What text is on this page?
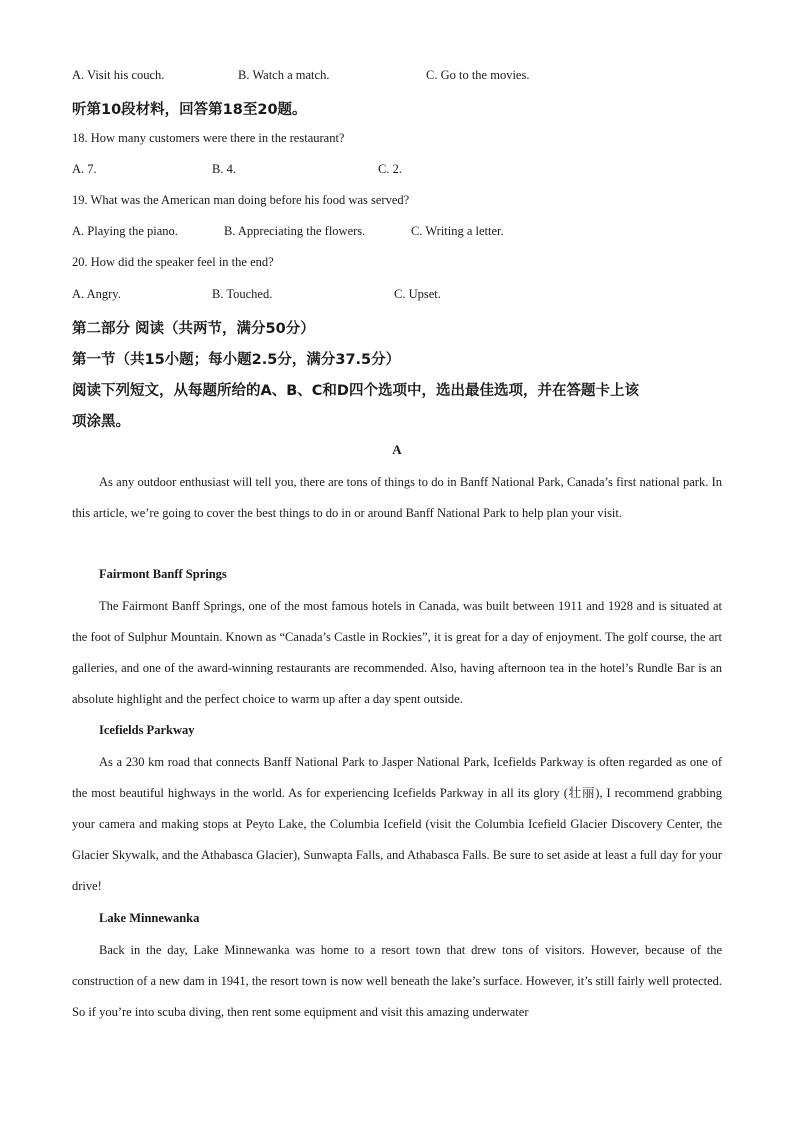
A. Visit his couch.	B. Watch a match.	C. Go to the movies.
听第10段材料，回答第18至20题。
18. How many customers were there in the restaurant?
A. 7.	B. 4.	C. 2.
19. What was the American man doing before his food was served?
A. Playing the piano.	B. Appreciating the flowers.	C. Writing a letter.
20. How did the speaker feel in the end?
A. Angry.	B. Touched.	C. Upset.
第二部分 阅读（共两节，满分50分）
第一节（共15小题；每小题2.5分，满分37.5分）
阅读下列短文，从每题所给的A、B、C和D四个选项中，选出最佳选项，并在答题卡上该
项涂黑。
A

As any outdoor enthusiast will tell you, there are tons of things to do in Banff National Park, Canada’s first national park. In this article, we’re going to cover the best things to do in or around Banff National Park to help plan your visit.

Fairmont Banff Springs

The Fairmont Banff Springs, one of the most famous hotels in Canada, was built between 1911 and 1928 and is situated at the foot of Sulphur Mountain. Known as “Canada’s Castle in Rockies”, it is great for a day of enjoyment. The golf course, the art galleries, and one of the award-winning restaurants are recommended. Also, having afternoon tea in the hotel’s Rundle Bar is an absolute highlight and the perfect choice to warm up after a day spent outside.

Icefields Parkway

As a 230 km road that connects Banff National Park to Jasper National Park, Icefields Parkway is often regarded as one of the most beautiful highways in the world. As for experiencing Icefields Parkway in all its glory (壮丽), I recommend grabbing your camera and making stops at Peyto Lake, the Columbia Icefield (visit the Columbia Icefield Glacier Discovery Center, the Glacier Skywalk, and the Athabasca Glacier), Sunwapta Falls, and Athabasca Falls. Be sure to set aside at least a full day for your drive!

Lake Minnewanka

Back in the day, Lake Minnewanka was home to a resort town that drew tons of visitors. However, because of the construction of a new dam in 1941, the resort town is now well beneath the lake’s surface. However, it’s still fairly well protected. So if you’re into scuba diving, then rent some equipment and visit this amazing underwater
